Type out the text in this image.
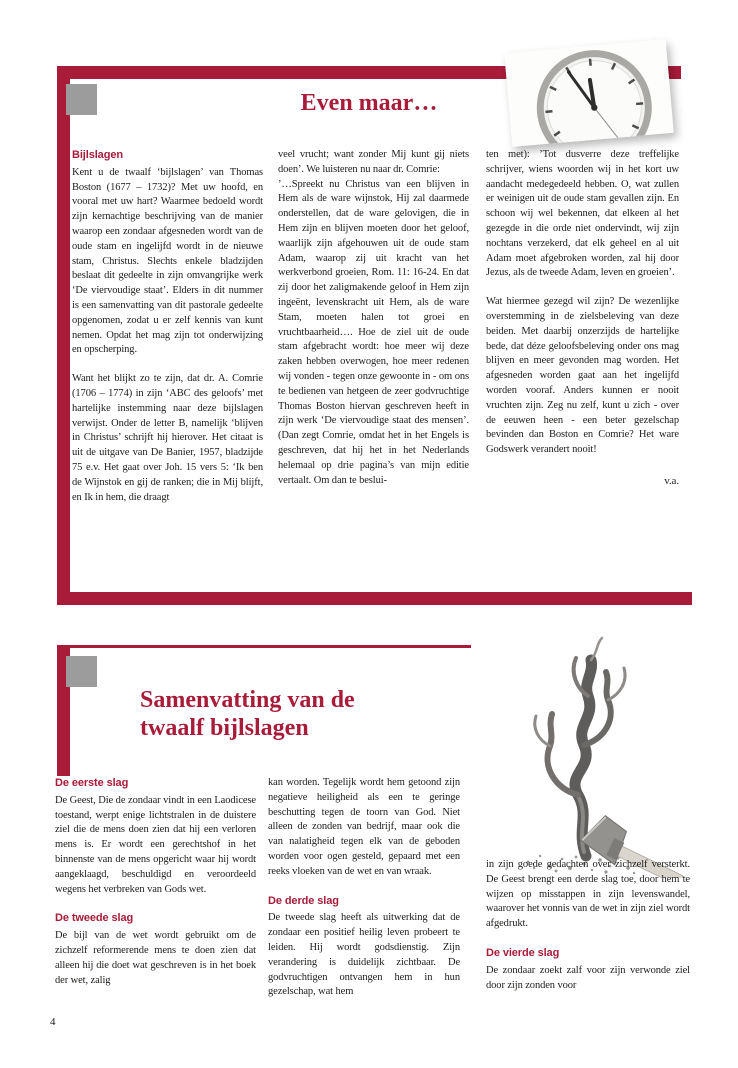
Even maar…
Bijlslagen

Kent u de twaalf ‘bijlslagen’ van Thomas Boston (1677 – 1732)? Met uw hoofd, en vooral met uw hart? Waarmee bedoeld wordt zijn kernachtige beschrijving van de manier waarop een zondaar afgesneden wordt van de oude stam en ingelijfd wordt in de nieuwe stam, Christus. Slechts enkele bladzijden beslaat dit gedeelte in zijn omvangrijke werk ‘De viervoudige staat’. Elders in dit nummer is een samenvatting van dit pastorale gedeelte opgenomen, zodat u er zelf kennis van kunt nemen. Opdat het mag zijn tot onderwijzing en opscherping.

Want het blijkt zo te zijn, dat dr. A. Comrie (1706 – 1774) in zijn ‘ABC des geloofs’ met hartelijke instemming naar deze bijlslagen verwijst. Onder de letter B, namelijk ‘blijven in Christus’ schrijft hij hierover. Het citaat is uit de uitgave van De Banier, 1957, bladzijde 75 e.v. Het gaat over Joh. 15 vers 5: ‘Ik ben de Wijnstok en gij de ranken; die in Mij blijft, en Ik in hem, die draagt

veel vrucht; want zonder Mij kunt gij niets doen’. We luisteren nu naar dr. Comrie:

’…Spreekt nu Christus van een blijven in Hem als de ware wijnstok, Hij zal daarmede onderstellen, dat de ware gelovigen, die in Hem zijn en blijven moeten door het geloof, waarlijk zijn afgehouwen uit de oude stam Adam, waarop zij uit kracht van het werkverbond groeien, Rom. 11: 16-24. En dat zij door het zaligmakende geloof in Hem zijn ingeënt, levenskracht uit Hem, als de ware Stam, moeten halen tot groei en vruchtbaarheid…. Hoe de ziel uit de oude stam afgebracht wordt: hoe meer wij deze zaken hebben overwogen, hoe meer redenen wij vonden - tegen onze gewoonte in - om ons te bedienen van hetgeen de zeer godvruchtige Thomas Boston hiervan geschreven heeft in zijn werk ‘De viervoudige staat des mensen’. (Dan zegt Comrie, omdat het in het Engels is geschreven, dat hij het in het Nederlands helemaal op drie pagina’s van mijn editie vertaalt. Om dan te beslui-

ten met): ’Tot dusverre deze treffelijke schrijver, wiens woorden wij in het kort uw aandacht medegedeeld hebben. O, wat zullen er weinigen uit de oude stam gevallen zijn. En schoon wij wel bekennen, dat elkeen al het gezegde in die orde niet ondervindt, wij zijn nochtans verzekerd, dat elk geheel en al uit Adam moet afgebroken worden, zal hij door Jezus, als de tweede Adam, leven en groeien’.

Wat hiermee gezegd wil zijn? De wezenlijke overstemming in de zielsbeleving van deze beiden. Met daarbij onzerzijds de hartelijke bede, dat déze geloofsbeleving onder ons mag blijven en meer gevonden mag worden. Het afgesneden worden gaat aan het ingelijfd worden vooraf. Anders kunnen er nooit vruchten zijn. Zeg nu zelf, kunt u zich - over de eeuwen heen - een beter gezelschap bevinden dan Boston en Comrie? Het ware Godswerk verandert nooit!

v.a.

Samenvatting van de
twaalf bijlslagen
De eerste slag

De Geest, Die de zondaar vindt in een Laodicese toestand, werpt enige lichtstralen in de duistere ziel die de mens doen zien dat hij een verloren mens is. Er wordt een gerechtshof in het binnenste van de mens opgericht waar hij wordt aangeklaagd, beschuldigd en veroordeeld wegens het verbreken van Gods wet.

De tweede slag

De bijl van de wet wordt gebruikt om de zichzelf reformerende mens te doen zien dat alleen hij die doet wat geschreven is in het boek der wet, zalig

kan worden. Tegelijk wordt hem getoond zijn negatieve heiligheid als een te geringe beschutting tegen de toorn van God. Niet alleen de zonden van bedrijf, maar ook die van nalatigheid tegen elk van de geboden worden voor ogen gesteld, gepaard met een reeks vloeken van de wet en van wraak.

De derde slag

De tweede slag heeft als uitwerking dat de zondaar een positief heilig leven probeert te leiden. Hij wordt godsdienstig. Zijn verandering is duidelijk zichtbaar. De godvruchtigen ontvangen hem in hun gezelschap, wat hem

in zijn goede gedachten over zichzelf versterkt. De Geest brengt een derde slag toe, door hem te wijzen op misstappen in zijn levenswandel, waarover het vonnis van de wet in zijn ziel wordt afgedrukt.

De vierde slag

De zondaar zoekt zalf voor zijn verwonde ziel door zijn zonden voor

4
